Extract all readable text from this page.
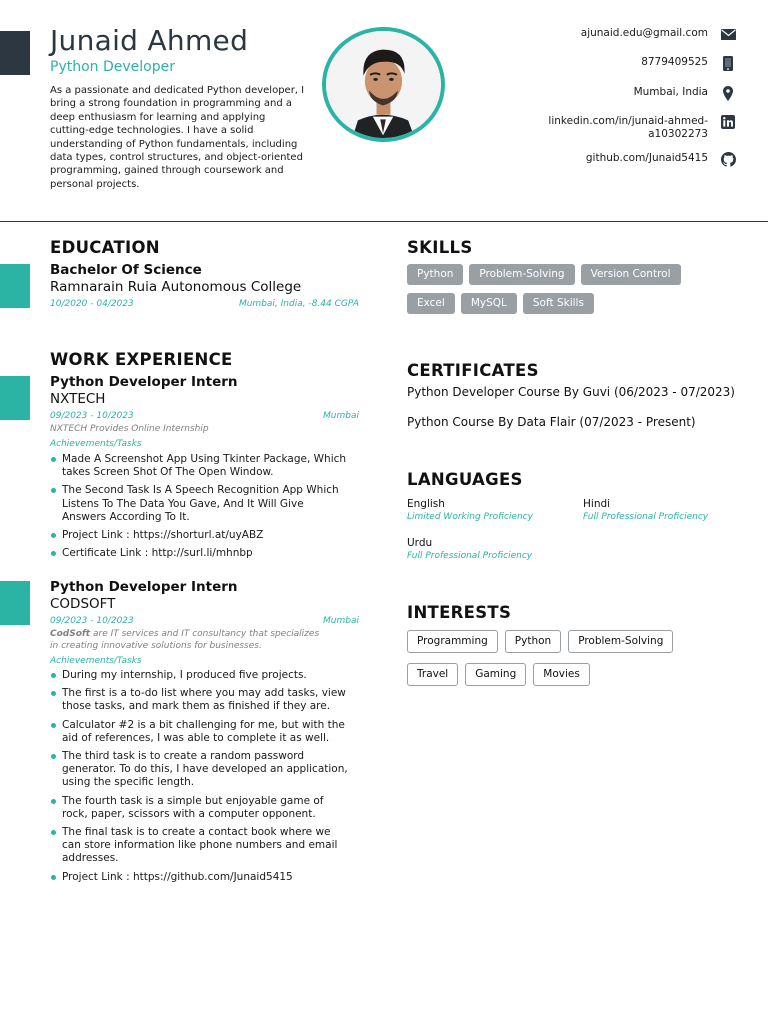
Junaid Ahmed
Python Developer
As a passionate and dedicated Python developer, I bring a strong foundation in programming and a deep enthusiasm for learning and applying cutting-edge technologies. I have a solid understanding of Python fundamentals, including data types, control structures, and object-oriented programming, gained through coursework and personal projects.
ajunaid.edu@gmail.com
8779409525
Mumbai, India
linkedin.com/in/junaid-ahmed-
a10302273
github.com/Junaid5415
EDUCATION
Bachelor Of Science
Ramnarain Ruia Autonomous College
10/2020 - 04/2023	Mumbai, India, -8.44 CGPA
WORK EXPERIENCE
Python Developer Intern
NXTECH
09/2023 - 10/2023	Mumbai
NXTECH Provides Online Internship
Achievements/Tasks
Made A Screenshot App Using Tkinter Package, Which takes Screen Shot Of The Open Window.
The Second Task Is A Speech Recognition App Which Listens To The Data You Gave, And It Will Give Answers According To It.
Project Link : https://shorturl.at/uyABZ
Certificate Link : http://surl.li/mhnbp
Python Developer Intern
CODSOFT
09/2023 - 10/2023	Mumbai
CodSoft are IT services and IT consultancy that specializes in creating innovative solutions for businesses.
Achievements/Tasks
During my internship, I produced five projects.
The first is a to-do list where you may add tasks, view those tasks, and mark them as finished if they are.
Calculator #2 is a bit challenging for me, but with the aid of references, I was able to complete it as well.
The third task is to create a random password generator. To do this, I have developed an application, using the specific length.
The fourth task is a simple but enjoyable game of rock, paper, scissors with a computer opponent.
The final task is to create a contact book where we can store information like phone numbers and email addresses.
Project Link : https://github.com/Junaid5415
SKILLS
Python	Problem-Solving	Version Control
Excel	MySQL	Soft Skills
CERTIFICATES
Python Developer Course By Guvi (06/2023 - 07/2023)
Python Course By Data Flair (07/2023 - Present)
LANGUAGES
English
Limited Working Proficiency
Hindi
Full Professional Proficiency
Urdu
Full Professional Proficiency
INTERESTS
Programming	Python	Problem-Solving
Travel	Gaming	Movies
